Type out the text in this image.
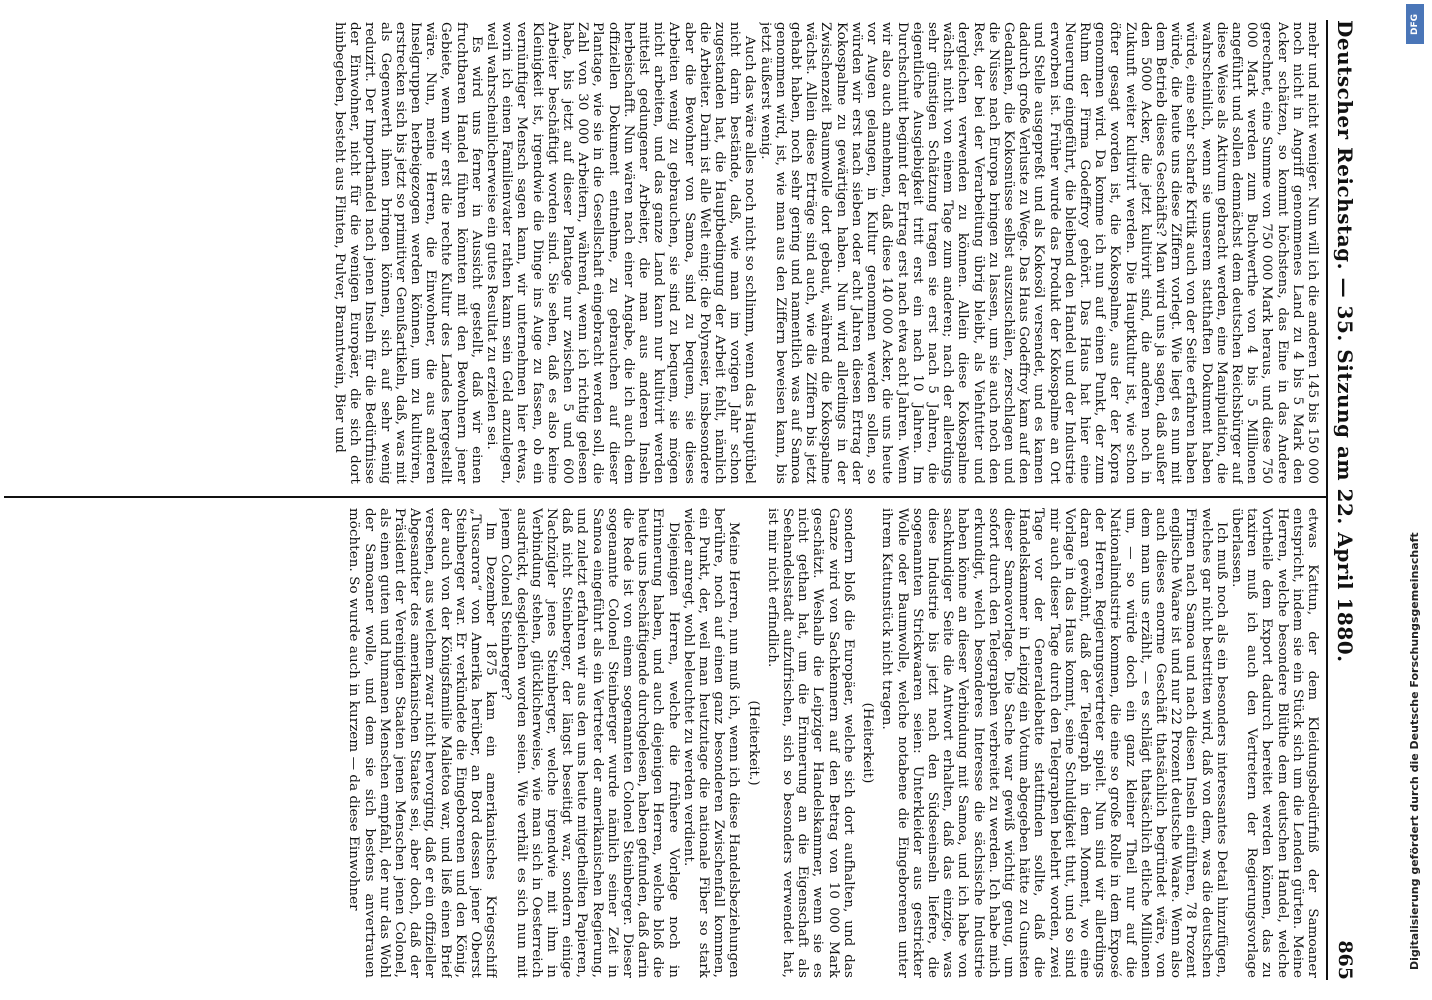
Deutscher Reichstag. — 35. Sitzung am 22. April 1880.
865

mehr und nicht weniger. Nun will ich die anderen 145 bis 150 000 noch nicht in Angriff genommenes Land zu 4 bis 5 Mark den Acker schätzen, so kommt höchstens, das Eine in das Andere gerechnet, eine Summe von 750 000 Mark heraus, und diese 750 000 Mark werden zum Buchwerthe von 4 bis 5 Millionen angeführt und sollen demnächst dem deutschen Reichsbürger auf diese Weise als Aktivum gebracht werden, eine Manipulation, die wahrscheinlich, wenn sie unserem statthaften Dokument haben würde, eine sehr scharfe Kritik auch von der Seite erfahren haben würde, die heute uns diese Ziffern vorlegt. Wie liegt es nun mit dem Betrieb dieses Geschäfts? Man wird uns ja sagen, daß außer den 5000 Acker, die jetzt kultivirt sind, die anderen noch in Zukunft weiter kultivirt werden. Die Hauptkultur ist, wie schon öfter gesagt worden ist, die Kokospalme, aus der der Kopra genommen wird. Da komme ich nun auf einen Punkt, der zum Ruhm der Firma Godeffroy gehört. Das Haus hat hier eine Neuerung eingeführt, die bleibend den Handel und der Industrie erworben ist. Früher wurde das Produkt der Kokospalme an Ort und Stelle ausgepreßt und als Kokosöl versendet, und es kamen dadurch große Verluste zu Wege. Das Haus Godeffroy kam auf den Gedanken, die Kokosnüsse selbst auszuschälen, zerschlagen und die Nüsse nach Europa bringen zu lassen, um sie auch noch den Rest, der bei der Verarbeitung übrig bleibt, als Viehfutter und dergleichen verwenden zu können. Allein diese Kokospalme wächst nicht von einem Tage zum anderen; nach der allerdings sehr günstigen Schätzung tragen sie erst nach 5 Jahren, die eigentliche Ausgiebigkeit tritt erst ein nach 10 Jahren. Im Durchschnitt beginnt der Ertrag erst nach etwa acht Jahren. Wenn wir also auch annehmen, daß diese 140 000 Acker, die uns heute vor Augen gelangen, in Kultur genommen werden sollen, so würden wir erst nach sieben oder acht Jahren diesen Ertrag der Kokospalme zu gewärtigen haben. Nun wird allerdings in der Zwischenzeit Baumwolle dort gebaut, während die Kokospalme wächst. Allein diese Erträge sind auch, wie die Ziffern bis jetzt gehabt haben, noch sehr gering und namentlich was auf Samoa genommen wird, ist, wie man aus den Ziffern beweisen kann, bis jetzt äußerst wenig.

Auch das wäre alles noch nicht so schlimm, wenn das Hauptübel nicht darin bestände, daß, wie man im vorigen Jahr schon zugestanden hat, die Hauptbedingung der Arbeit fehlt, nämlich die Arbeiter. Darin ist alle Welt einig: die Polynesier, insbesondere aber die Bewohner von Samoa, sind zu bequem, sie dieses Arbeiten wenig zu gebrauchen, sie sind zu bequem, sie mögen nicht arbeiten, und das ganze Land kann nur kultivirt werden mittelst gedungener Arbeiter, die man aus anderen Inseln herbeischafft. Nun wären nach einer Angabe, die ich auch dem offiziellen Dokument entnehme, zu gebrauchen auf dieser Plantage, wie sie in die Gesellschaft eingebracht werden soll, die Zahl von 30 000 Arbeitern, während, wenn ich richtig gelesen habe, bis jetzt auf dieser Plantage nur zwischen 5 und 600 Arbeiter beschäftigt worden sind. Sie sehen, daß es also keine Kleinigkeit ist, irgendwie die Dinge ins Auge zu fassen, ob ein vernünftiger Mensch sagen kann, wir unternehmen hier etwas, worin ich einen Familienvater rathen kann sein Geld anzulegen, weil wahrscheinlicherweise ein gutes Resultat zu erzielen sei.

Es wird uns ferner in Aussicht gestellt, daß wir einen fruchtbaren Handel führen könnten mit den Bewohnern jener Gebiete, wenn wir erst die rechte Kultur des Landes hergestellt wäre. Nun, meine Herren, die Einwohner, die aus anderen Inselgruppen herbeigezogen werden können, um zu kultiviren, erstrecken sich bis jetzt so primitiver Genußartikeln, daß, was mit als Gegenwerth ihnen bringen können, sich auf sehr wenig reduzirt. Der Importhandel nach jenen Inseln für die Bedürfnisse der Einwohner, nicht für die wenigen Europäer, die sich dort hinbegeben, besteht aus Flinten, Pulver, Branntwein, Bier und

etwas Kattun, der dem Kleidungsbedürfniß der Samoaner entspricht, indem sie ein Stück sich um die Lenden gürten. Meine Herren, welche besondere Blüthe dem deutschen Handel, welche Vortheile dem Export dadurch bereitet werden können, das zu taxiren muß ich auch den Vertretern der Regierungsvorlage überlassen.

Ich muß noch als ein besonders interessantes Detail hinzufügen, welches gar nicht bestritten wird, daß von dem, was die deutschen Firmen nach Samoa und nach diesen Inseln einführen, 78 Prozent englische Waare ist und nur 22 Prozent deutsche Waare. Wenn also auch dieses enorme Geschäft thatsächlich begründet wäre, von dem man uns erzählt, — es schlägt thatsächlich etliche Millionen um, — so würde doch ein ganz kleiner Theil nur auf die Nationalindustrie kommen, die eine so große Rolle in dem Exposé der Herren Regierungsvertreter spielt. Nun sind wir allerdings daran gewöhnt, daß der Telegraph in dem Moment, wo eine Vorlage in das Haus kommt, seine Schuldigkeit thut, und so sind mir auch dieser Tage durch den Telegraphen belehrt worden, zwei Tage vor der Generaldebatte stattfinden sollte, daß die Handelskammer in Leipzig ein Votum abgegeben hätte zu Gunsten dieser Samoavorlage. Die Sache war gewiß wichtig genug, um sofort durch den Telegraphen verbreitet zu werden. Ich habe mich erkundigt, welch besonderes Interesse die sächsische Industrie haben könne an dieser Verbindung mit Samoa, und ich habe von sachkundiger Seite die Antwort erhalten, daß das einzige, was diese Industrie bis jetzt nach den Südseeinseln liefere, die sogenannten Strickwaaren seien: Unterkleider aus gestrickter Wolle oder Baumwolle, welche notabene die Eingeborenen unter ihrem Kattunstück nicht tragen.

(Heiterkeit)

sondern bloß die Europäer, welche sich dort aufhalten, und das Ganze wird von Sachkennern auf den Betrag von 10 000 Mark geschätzt. Weshalb die Leipziger Handelskammer, wenn sie es nicht gethan hat, um die Erinnerung an die Eigenschaft als Seehandelsstadt aufzufrischen, sich so besonders verwendet hat, ist mir nicht erfindlich.

(Heiterkeit.)

Meine Herren, nun muß ich, wenn ich diese Handelsbeziehungen berühre, noch auf einen ganz besonderen Zwischenfall kommen, ein Punkt, der, weil man heutzutage die nationale Fiber so stark wieder anregt, wohl beleuchtet zu werden verdient.

Diejenigen Herren, welche die frühere Vorlage noch in Erinnerung haben, und auch diejenigen Herren, welche bloß die heute uns beschäftigende durchgelesen, haben gefunden, daß darin die Rede ist von einem sogenannten Colonel Steinberger. Dieser sogenannte Colonel Steinberger wurde nämlich seiner Zeit in Samoa eingeführt als ein Vertreter der amerikanischen Regierung, und zuletzt erfahren wir aus den uns heute mitgetheilten Papieren, daß nicht Steinberger, der längst beseitigt war, sondern einige Nachzügler jenes Steinberger, welche irgendwie mit ihm in Verbindung stehen, glücklicherweise, wie man sich in Oesterreich ausdrückt, desgleichen worden seien. Wie verhält es sich nun mit jenem Colonel Steinberger?

Im Dezember 1875 kam ein amerikanisches Kriegsschiff „Tuscarora“ von Amerika herüber, an Bord dessen jener Oberst Steinberger war. Er verkündete die Eingeborenen und den König, der auch von der Königsfamilie Malietoa war, und ließ einen Brief versehen, aus welchem zwar nicht hervorging, daß er ein offizieller Abgesandter des amerikanischen Staates sei, aber doch, daß der Präsident der Vereinigten Staaten jenen Menschen jenen Colonel, als einen guten und humanen Menschen empfahl, der nur das Wohl der Samoaner wolle, und dem sie sich bestens anvertrauen möchten. So wurde auch in kurzem — da diese Einwohner

DFG
Digitalisierung gefördert durch die Deutsche Forschungsgemeinschaft
